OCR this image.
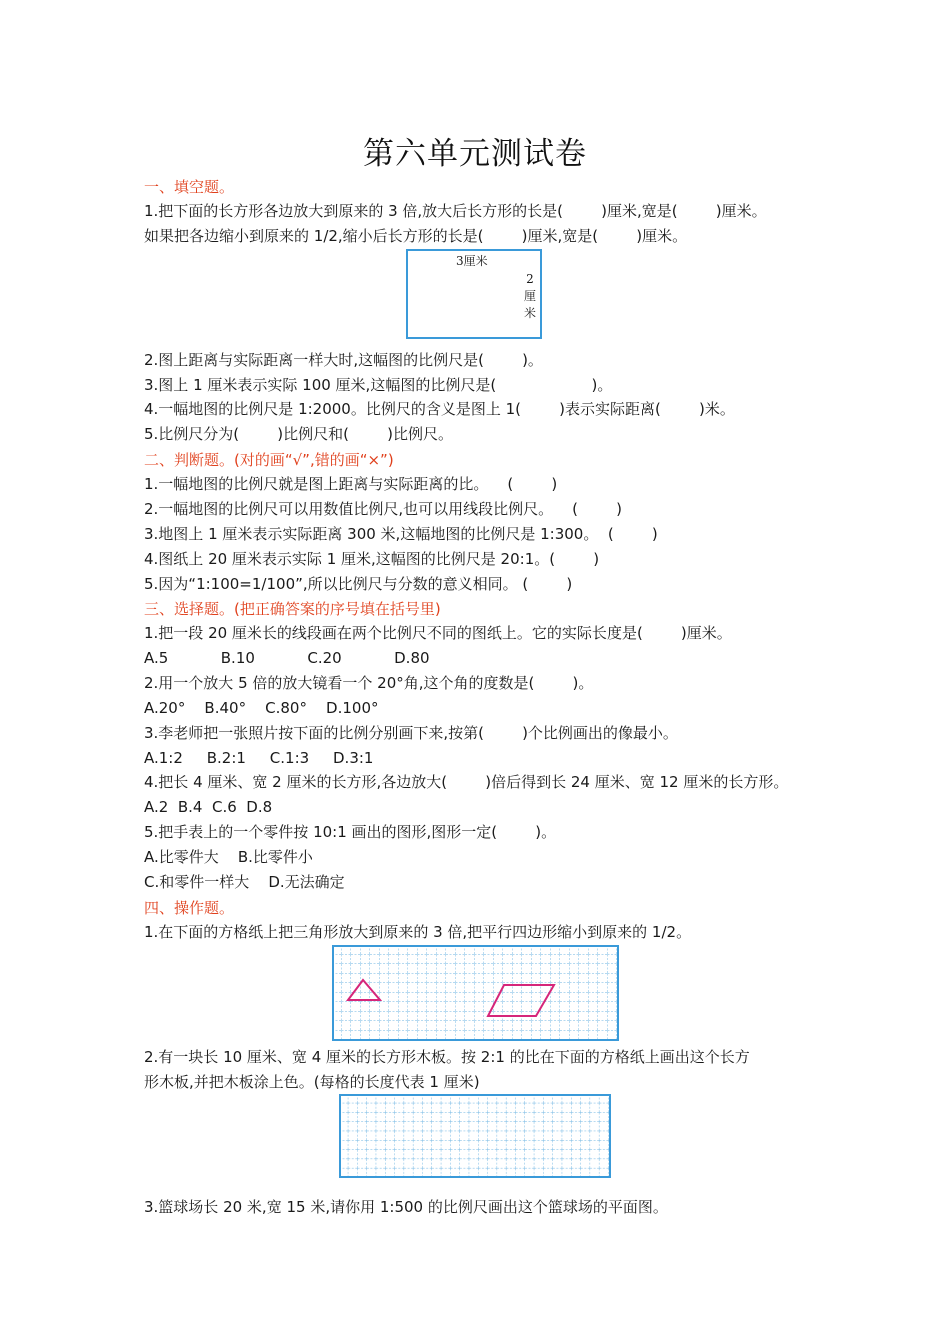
第六单元测试卷
一、填空题。
1.把下面的长方形各边放大到原来的 3 倍,放大后长方形的长是(        )厘米,宽是(        )厘米。
如果把各边缩小到原来的 1/2,缩小后长方形的长是(        )厘米,宽是(        )厘米。
3厘米
2
厘
米
2.图上距离与实际距离一样大时,这幅图的比例尺是(        )。
3.图上 1 厘米表示实际 100 厘米,这幅图的比例尺是(                    )。
4.一幅地图的比例尺是 1:2000。比例尺的含义是图上 1(        )表示实际距离(        )米。
5.比例尺分为(        )比例尺和(        )比例尺。
二、判断题。(对的画“√”,错的画“×”)
1.一幅地图的比例尺就是图上距离与实际距离的比。    (        )
2.一幅地图的比例尺可以用数值比例尺,也可以用线段比例尺。    (        )
3.地图上 1 厘米表示实际距离 300 米,这幅地图的比例尺是 1:300。  (        )
4.图纸上 20 厘米表示实际 1 厘米,这幅图的比例尺是 20:1。(        )
5.因为“1:100=1/100”,所以比例尺与分数的意义相同。 (        )
三、选择题。(把正确答案的序号填在括号里)
1.把一段 20 厘米长的线段画在两个比例尺不同的图纸上。它的实际长度是(        )厘米。
A.5           B.10           C.20           D.80
2.用一个放大 5 倍的放大镜看一个 20°角,这个角的度数是(        )。
A.20°    B.40°    C.80°    D.100°
3.李老师把一张照片按下面的比例分别画下来,按第(        )个比例画出的像最小。
A.1:2     B.2:1     C.1:3     D.3:1
4.把长 4 厘米、宽 2 厘米的长方形,各边放大(        )倍后得到长 24 厘米、宽 12 厘米的长方形。
A.2  B.4  C.6  D.8
5.把手表上的一个零件按 10:1 画出的图形,图形一定(        )。
A.比零件大    B.比零件小
C.和零件一样大    D.无法确定
四、操作题。
1.在下面的方格纸上把三角形放大到原来的 3 倍,把平行四边形缩小到原来的 1/2。
2.有一块长 10 厘米、宽 4 厘米的长方形木板。按 2:1 的比在下面的方格纸上画出这个长方
形木板,并把木板涂上色。(每格的长度代表 1 厘米)
3.篮球场长 20 米,宽 15 米,请你用 1:500 的比例尺画出这个篮球场的平面图。
